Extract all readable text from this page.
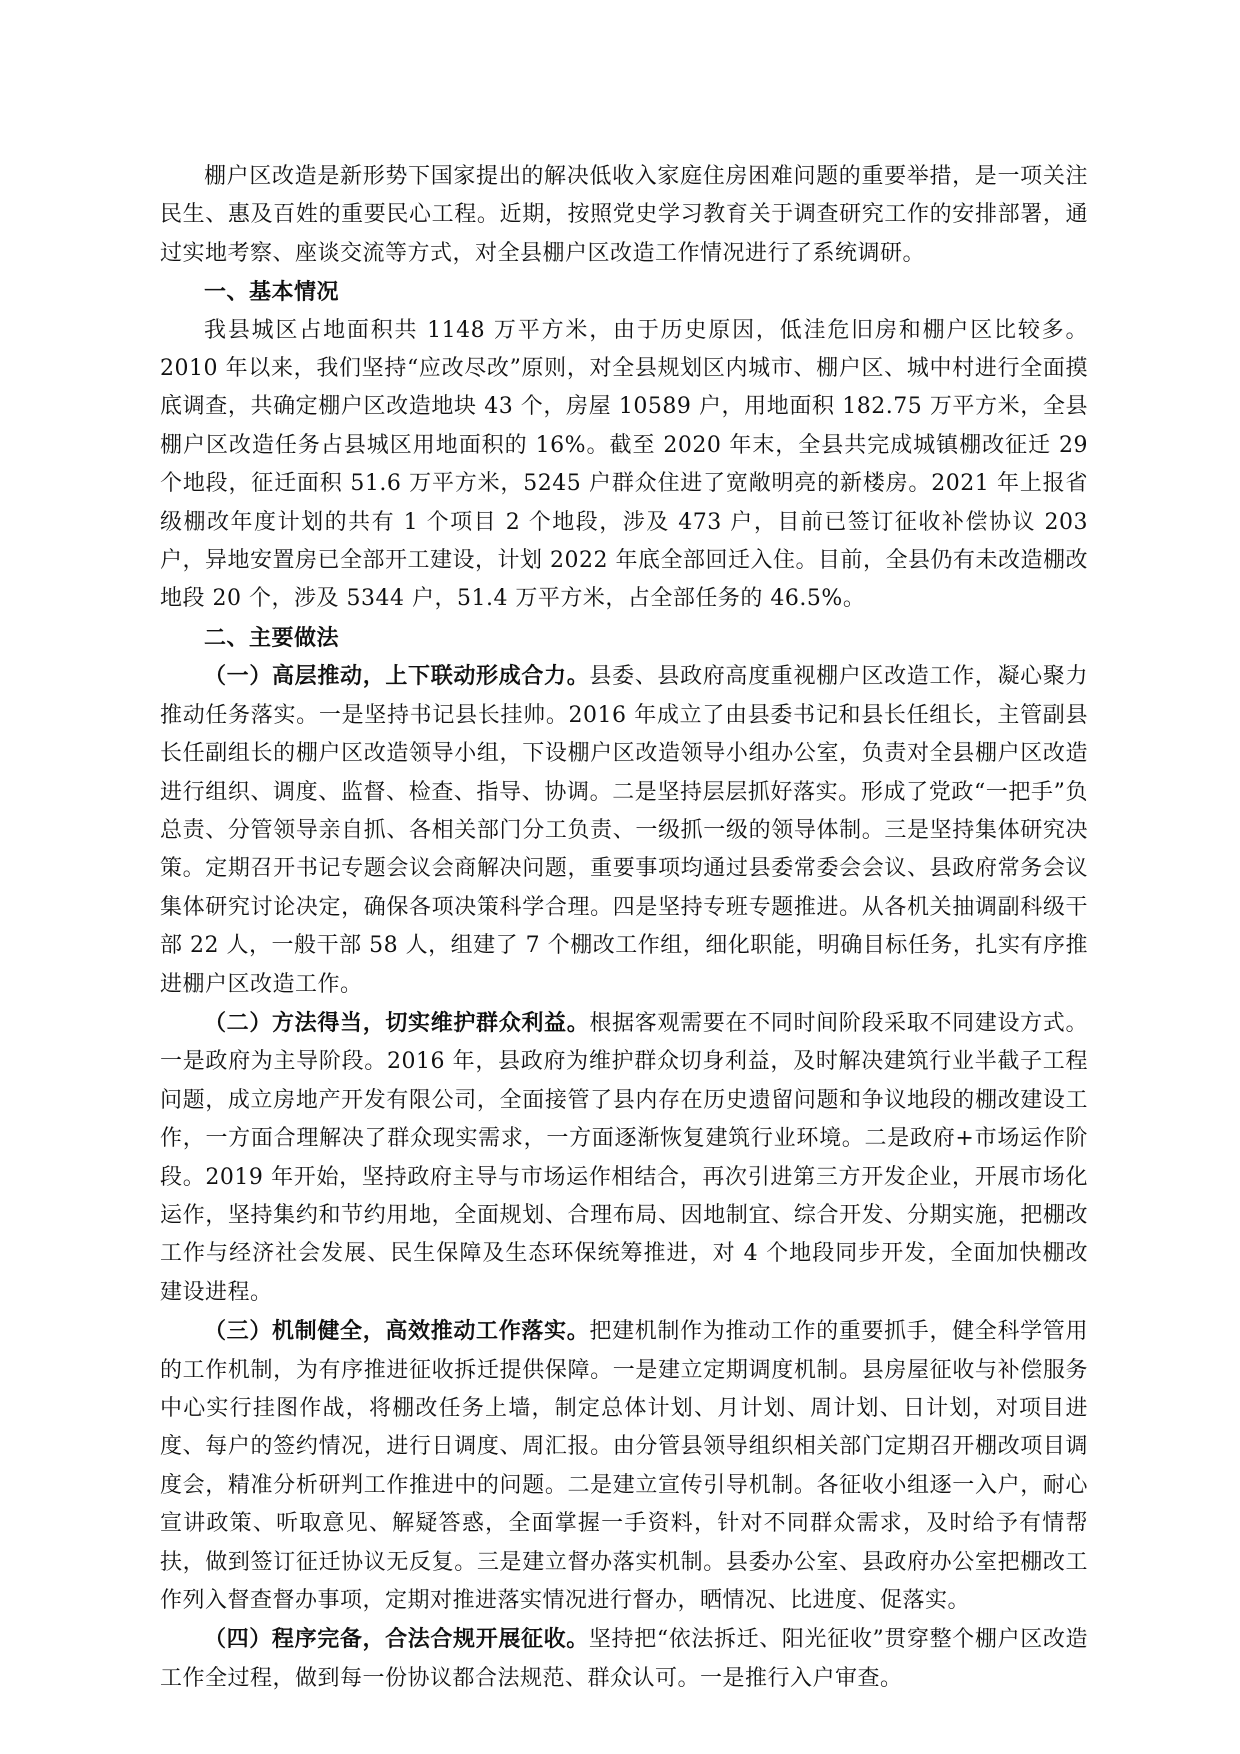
棚户区改造是新形势下国家提出的解决低收入家庭住房困难问题的重要举措，是一项关注民生、惠及百姓的重要民心工程。近期，按照党史学习教育关于调查研究工作的安排部署，通过实地考察、座谈交流等方式，对全县棚户区改造工作情况进行了系统调研。

一、基本情况

我县城区占地面积共 1148 万平方米，由于历史原因，低洼危旧房和棚户区比较多。2010 年以来，我们坚持“应改尽改”原则，对全县规划区内城市、棚户区、城中村进行全面摸底调查，共确定棚户区改造地块 43 个，房屋 10589 户，用地面积 182.75 万平方米，全县棚户区改造任务占县城区用地面积的 16%。截至 2020 年末，全县共完成城镇棚改征迁 29 个地段，征迁面积 51.6 万平方米，5245 户群众住进了宽敞明亮的新楼房。2021 年上报省级棚改年度计划的共有 1 个项目 2 个地段，涉及 473 户，目前已签订征收补偿协议 203 户，异地安置房已全部开工建设，计划 2022 年底全部回迁入住。目前，全县仍有未改造棚改地段 20 个，涉及 5344 户，51.4 万平方米，占全部任务的 46.5%。

二、主要做法

（一）高层推动，上下联动形成合力。县委、县政府高度重视棚户区改造工作，凝心聚力推动任务落实。一是坚持书记县长挂帅。2016 年成立了由县委书记和县长任组长，主管副县长任副组长的棚户区改造领导小组，下设棚户区改造领导小组办公室，负责对全县棚户区改造进行组织、调度、监督、检查、指导、协调。二是坚持层层抓好落实。形成了党政“一把手”负总责、分管领导亲自抓、各相关部门分工负责、一级抓一级的领导体制。三是坚持集体研究决策。定期召开书记专题会议会商解决问题，重要事项均通过县委常委会会议、县政府常务会议集体研究讨论决定，确保各项决策科学合理。四是坚持专班专题推进。从各机关抽调副科级干部 22 人，一般干部 58 人，组建了 7 个棚改工作组，细化职能，明确目标任务，扎实有序推进棚户区改造工作。

（二）方法得当，切实维护群众利益。根据客观需要在不同时间阶段采取不同建设方式。一是政府为主导阶段。2016 年，县政府为维护群众切身利益，及时解决建筑行业半截子工程问题，成立房地产开发有限公司，全面接管了县内存在历史遗留问题和争议地段的棚改建设工作，一方面合理解决了群众现实需求，一方面逐渐恢复建筑行业环境。二是政府+市场运作阶段。2019 年开始，坚持政府主导与市场运作相结合，再次引进第三方开发企业，开展市场化运作，坚持集约和节约用地，全面规划、合理布局、因地制宜、综合开发、分期实施，把棚改工作与经济社会发展、民生保障及生态环保统筹推进，对 4 个地段同步开发，全面加快棚改建设进程。

（三）机制健全，高效推动工作落实。把建机制作为推动工作的重要抓手，健全科学管用的工作机制，为有序推进征收拆迁提供保障。一是建立定期调度机制。县房屋征收与补偿服务中心实行挂图作战，将棚改任务上墙，制定总体计划、月计划、周计划、日计划，对项目进度、每户的签约情况，进行日调度、周汇报。由分管县领导组织相关部门定期召开棚改项目调度会，精准分析研判工作推进中的问题。二是建立宣传引导机制。各征收小组逐一入户，耐心宣讲政策、听取意见、解疑答惑，全面掌握一手资料，针对不同群众需求，及时给予有情帮扶，做到签订征迁协议无反复。三是建立督办落实机制。县委办公室、县政府办公室把棚改工作列入督查督办事项，定期对推进落实情况进行督办，晒情况、比进度、促落实。

（四）程序完备，合法合规开展征收。坚持把“依法拆迁、阳光征收”贯穿整个棚户区改造工作全过程，做到每一份协议都合法规范、群众认可。一是推行入户审查。
